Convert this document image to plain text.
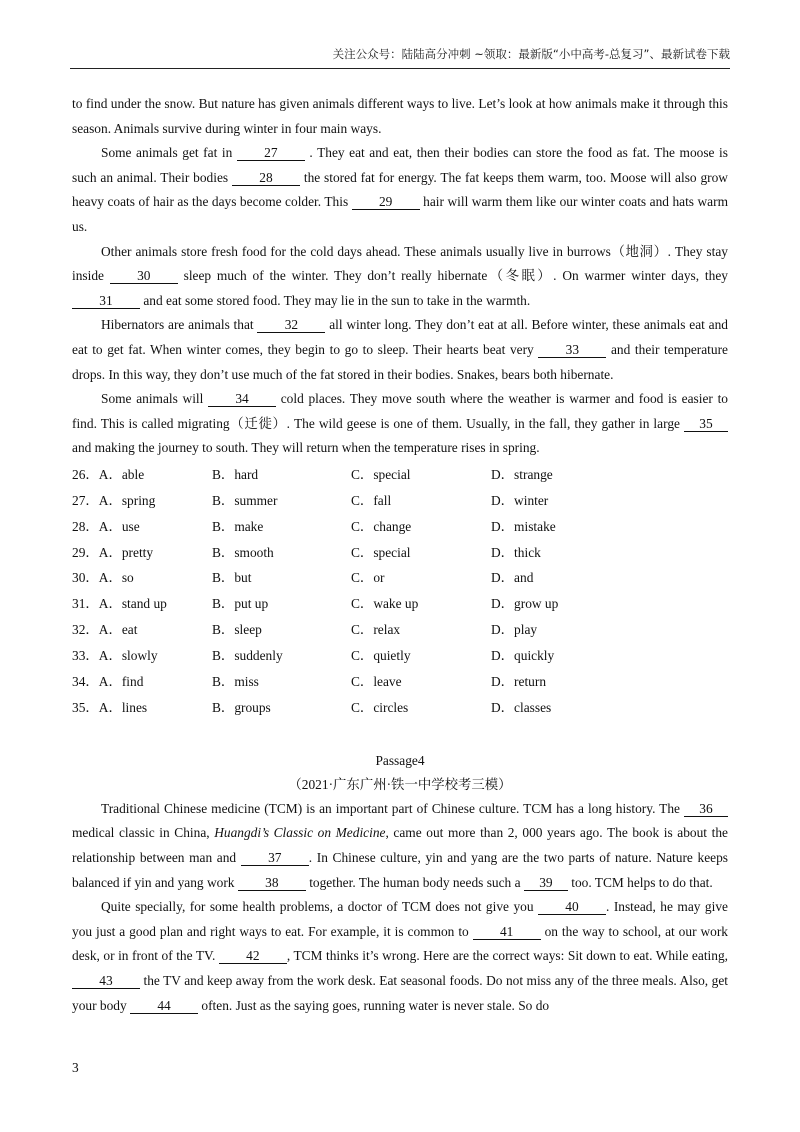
关注公众号：陆陆高分冲刺 ~领取：最新版“小中高考-总复习”、最新试卷下载

to find under the snow. But nature has given animals different ways to live. Let’s look at how animals make it through this season. Animals survive during winter in four main ways.

Some animals get fat in 27 . They eat and eat, then their bodies can store the food as fat. The moose is such an animal. Their bodies 28 the stored fat for energy. The fat keeps them warm, too. Moose will also grow heavy coats of hair as the days become colder. This 29 hair will warm them like our winter coats and hats warm us.

Other animals store fresh food for the cold days ahead. These animals usually live in burrows（地洞）. They stay inside 30 sleep much of the winter. They don’t really hibernate（冬眠）. On warmer winter days, they 31 and eat some stored food. They may lie in the sun to take in the warmth.

Hibernators are animals that 32 all winter long. They don’t eat at all. Before winter, these animals eat and eat to get fat. When winter comes, they begin to go to sleep. Their hearts beat very 33 and their temperature drops. In this way, they don’t use much of the fat stored in their bodies. Snakes, bears both hibernate.

Some animals will 34 cold places. They move south where the weather is warmer and food is easier to find. This is called migrating（迁徙）. The wild geese is one of them. Usually, in the fall, they gather in large 35 and making the journey to south. They will return when the temperature rises in spring.

26．A．able	B．hard	C．special	D．strange
27．A．spring	B．summer	C．fall	D．winter
28．A．use	B．make	C．change	D．mistake
29．A．pretty	B．smooth	C．special	D．thick
30．A．so	B．but	C．or	D．and
31．A．stand up	B．put up	C．wake up	D．grow up
32．A．eat	B．sleep	C．relax	D．play
33．A．slowly	B．suddenly	C．quietly	D．quickly
34．A．find	B．miss	C．leave	D．return
35．A．lines	B．groups	C．circles	D．classes
Passage4
（2021·广东广州·铁一中学校考三模）

Traditional Chinese medicine (TCM) is an important part of Chinese culture. TCM has a long history. The 36 medical classic in China, Huangdi’s Classic on Medicine, came out more than 2, 000 years ago. The book is about the relationship between man and 37 . In Chinese culture, yin and yang are the two parts of nature. Nature keeps balanced if yin and yang work 38 together. The human body needs such a 39 too. TCM helps to do that.

Quite specially, for some health problems, a doctor of TCM does not give you 40 . Instead, he may give you just a good plan and right ways to eat. For example, it is common to 41 on the way to school, at our work desk, or in front of the TV. 42 , TCM thinks it’s wrong. Here are the correct ways: Sit down to eat. While eating, 43 the TV and keep away from the work desk. Eat seasonal foods. Do not miss any of the three meals. Also, get your body 44 often. Just as the saying goes, running water is never stale. So do

3
